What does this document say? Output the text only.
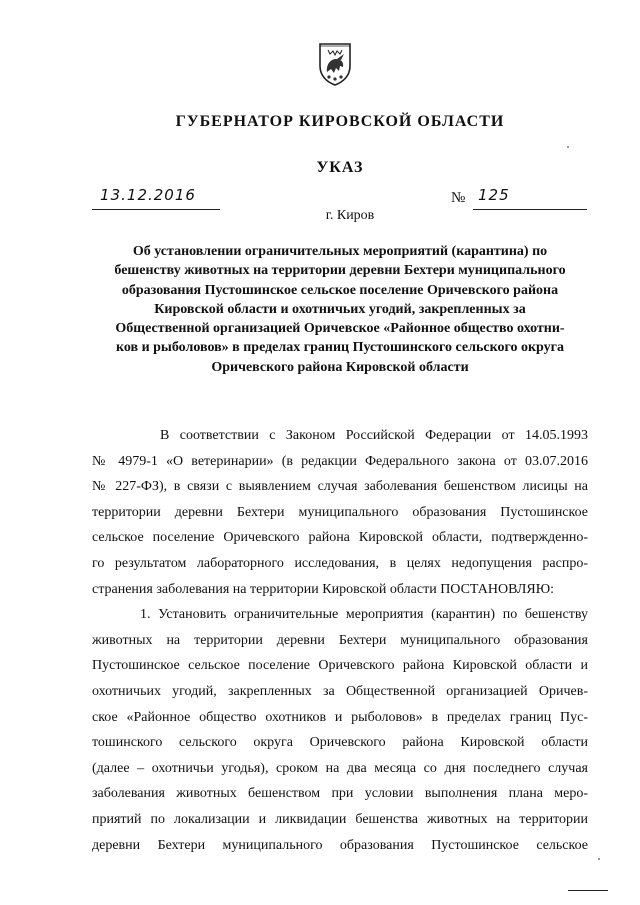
ГУБЕРНАТОР КИРОВСКОЙ ОБЛАСТИ
УКАЗ
13.12.2016	№ 125
г. Киров
Об установлении ограничительных мероприятий (карантина) по
бешенству животных на территории деревни Бехтери муниципального
образования Пустошинское сельское поселение Оричевского района
Кировской области и охотничьих угодий, закрепленных за
Общественной организацией Оричевское «Районное общество охотни-
ков и рыболовов» в пределах границ Пустошинского сельского округа
Оричевского района Кировской области
В соответствии с Законом Российской Федерации от 14.05.1993
№ 4979-1 «О ветеринарии» (в редакции Федерального закона от 03.07.2016
№ 227-ФЗ), в связи с выявлением случая заболевания бешенством лисицы на
территории деревни Бехтери муниципального образования Пустошинское
сельское поселение Оричевского района Кировской области, подтвержденно-
го результатом лабораторного исследования, в целях недопущения распро-
странения заболевания на территории Кировской области ПОСТАНОВЛЯЮ:
1. Установить ограничительные мероприятия (карантин) по бешенству
животных на территории деревни Бехтери муниципального образования
Пустошинское сельское поселение Оричевского района Кировской области и
охотничьих угодий, закрепленных за Общественной организацией Оричев-
ское «Районное общество охотников и рыболовов» в пределах границ Пус-
тошинского сельского округа Оричевского района Кировской области
(далее – охотничьи угодья), сроком на два месяца со дня последнего случая
заболевания животных бешенством при условии выполнения плана меро-
приятий по локализации и ликвидации бешенства животных на территории
деревни Бехтери муниципального образования Пустошинское сельское
